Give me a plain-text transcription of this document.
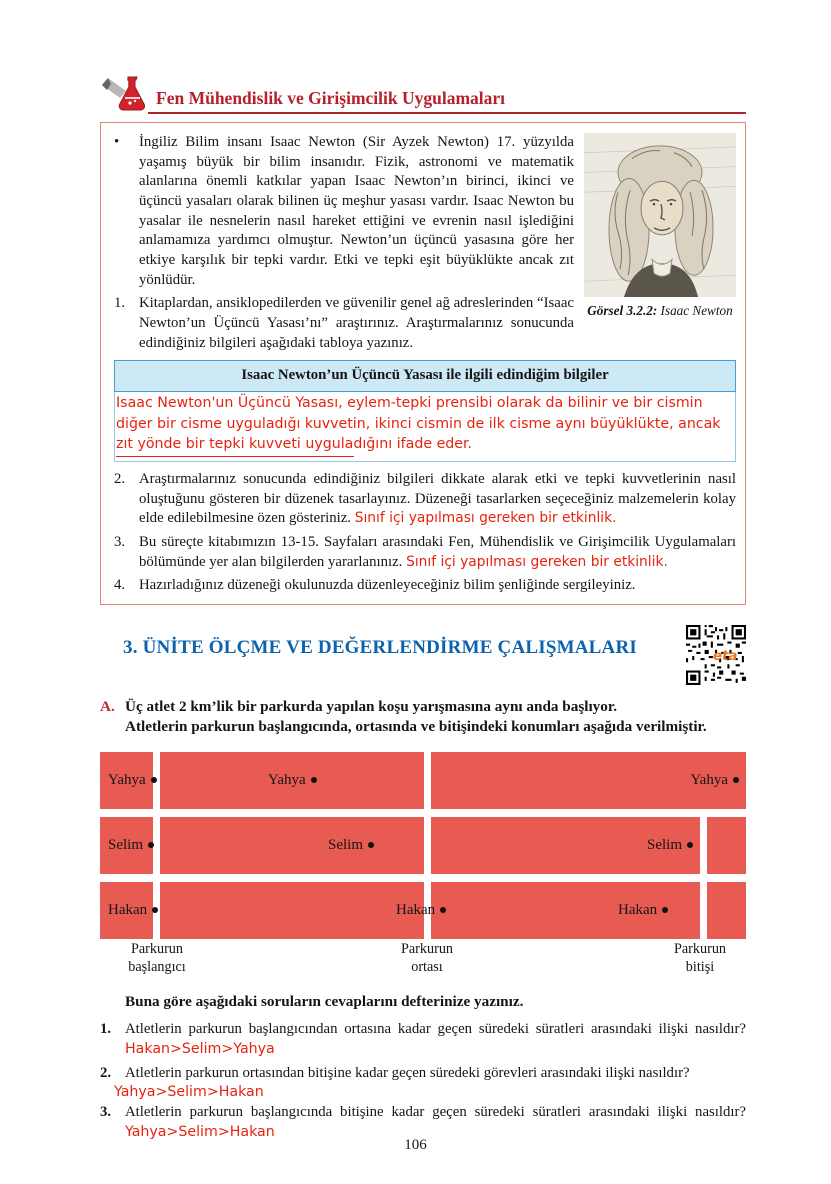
Fen Mühendislik ve Girişimcilik Uygulamaları
Görsel 3.2.2: Isaac Newton
•	İngiliz Bilim insanı Isaac Newton (Sir Ayzek Newton) 17. yüzyılda yaşamış büyük bir bilim insanıdır. Fizik, astronomi ve matematik alanlarına önemli katkılar yapan Isaac Newton’ın birinci, ikinci ve üçüncü yasaları olarak bilinen üç meşhur yasası vardır. Isaac Newton bu yasalar ile nesnelerin nasıl hareket ettiğini ve evrenin nasıl işlediğini anlamamıza yardımcı olmuştur. Newton’un üçüncü yasasına göre her etkiye karşılık bir tepki vardır. Etki ve tepki eşit büyüklükte ancak zıt yönlüdür.

1. Kitaplardan, ansiklopedilerden ve güvenilir genel ağ adreslerinden “Isaac Newton’un Üçüncü Yasası’nı” araştırınız. Araştırmalarınız sonucunda edindiğiniz bilgileri aşağıdaki tabloya yazınız.

Isaac Newton’un Üçüncü Yasası ile ilgili edindiğim bilgiler
Isaac Newton'un Üçüncü Yasası, eylem-tepki prensibi olarak da bilinir ve bir cismin diğer bir cisme uyguladığı kuvvetin, ikinci cismin de ilk cisme aynı büyüklükte, ancak zıt yönde bir tepki kuvveti uyguladığını ifade eder.
2. Araştırmalarınız sonucunda edindiğiniz bilgileri dikkate alarak etki ve tepki kuvvetlerinin nasıl oluştuğunu gösteren bir düzenek tasarlayınız. Düzeneği tasarlarken seçeceğiniz malzemelerin kolay elde edilebilmesine özen gösteriniz. Sınıf içi yapılması gereken bir etkinlik.

3. Bu süreçte kitabımızın 13-15. Sayfaları arasındaki Fen, Mühendislik ve Girişimcilik Uygulamaları bölümünde yer alan bilgilerden yararlanınız. Sınıf içi yapılması gereken bir etkinlik.

4. Hazırladığınız düzeneği okulunuzda düzenleyeceğiniz bilim şenliğinde sergileyiniz.

3. ÜNİTE ÖLÇME VE DEĞERLENDİRME ÇALIŞMALARI	eta
A. Üç atlet 2 km’lik bir parkurda yapılan koşu yarışmasına aynı anda başlıyor.
Atletlerin parkurun başlangıcında, ortasında ve bitişindeki konumları aşağıda verilmiştir.
Yahya	Yahya	Yahya
Selim	Selim	Selim
Hakan	Hakan	Hakan
Parkurun
başlangıcı
Parkurun
ortası
Parkurun
bitişi

Buna göre aşağıdaki soruların cevaplarını defterinize yazınız.

1. Atletlerin parkurun başlangıcından ortasına kadar geçen süredeki süratleri arasındaki ilişki nasıldır? Hakan>Selim>Yahya

2. Atletlerin parkurun ortasından bitişine kadar geçen süredeki görevleri arasındaki ilişki nasıldır?

Yahya>Selim>Hakan
3. Atletlerin parkurun başlangıcında bitişine kadar geçen süredeki süratleri arasındaki ilişki nasıldır? Yahya>Selim>Hakan

106
